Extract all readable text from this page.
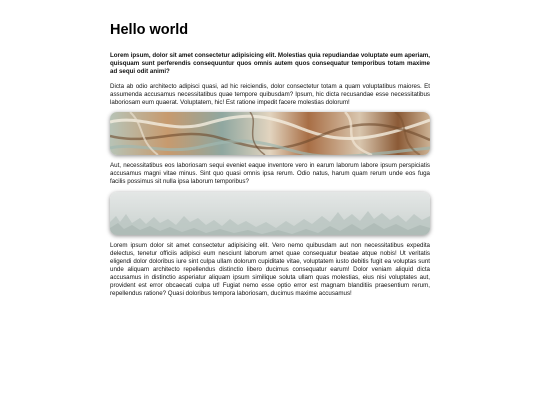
Hello world

Lorem ipsum, dolor sit amet consectetur adipisicing elit. Molestias quia repudiandae voluptate eum aperiam, quisquam sunt perferendis consequuntur quos omnis autem quos consequatur temporibus totam maxime ad sequi odit animi?

Dicta ab odio architecto adipisci quasi, ad hic reiciendis, dolor consectetur totam a quam voluptatibus maiores. Et assumenda accusamus necessitatibus quae tempore quibusdam? Ipsum, hic dicta recusandae esse necessitatibus laboriosam eum quaerat. Voluptatem, hic! Est ratione impedit facere molestias dolorum!

Aut, necessitatibus eos laboriosam sequi eveniet eaque inventore vero in earum laborum labore ipsum perspiciatis accusamus magni vitae minus. Sint quo quasi omnis ipsa rerum. Odio natus, harum quam rerum unde eos fuga facilis possimus sit nulla ipsa laborum temporibus?

Lorem ipsum dolor sit amet consectetur adipisicing elit. Vero nemo quibusdam aut non necessitatibus expedita delectus, tenetur officiis adipisci eum nesciunt laborum amet quae consequatur beatae atque nobis! Ut veritatis eligendi dolor doloribus iure sint culpa ullam dolorum cupiditate vitae, voluptatem iusto debitis fugit ea voluptas sunt unde aliquam architecto repellendus distinctio libero ducimus consequatur earum! Dolor veniam aliquid dicta accusamus in distinctio asperiatur aliquam ipsum similique soluta ullam quas molestias, eius nisi voluptates aut, provident est error obcaecati culpa ut! Fugiat nemo esse optio error est magnam blanditiis praesentium rerum, repellendus ratione? Quasi doloribus tempora laboriosam, ducimus maxime accusamus!
